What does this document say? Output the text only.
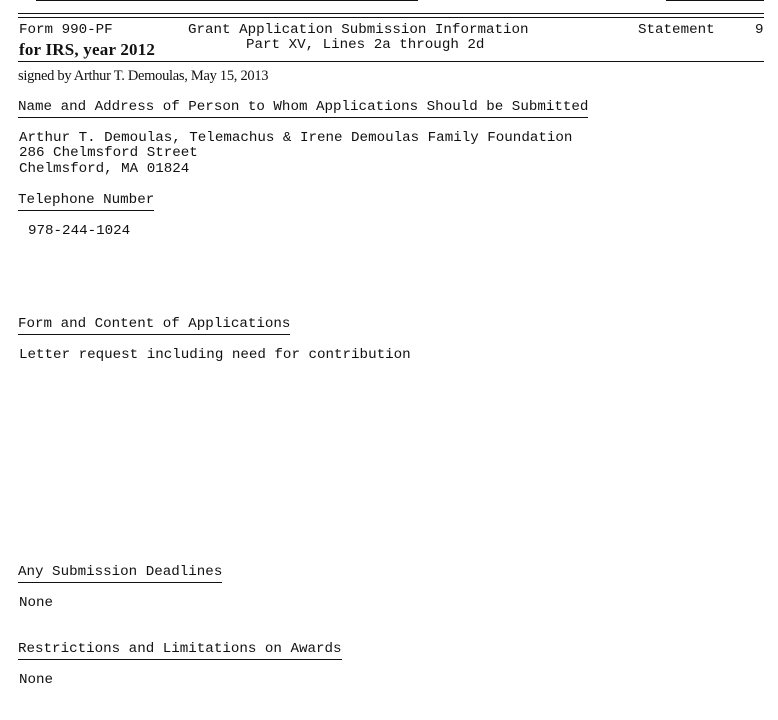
Form 990-PF
for IRS, year 2012
Grant Application Submission Information
Part XV, Lines 2a through 2d
Statement	9
signed by Arthur T. Demoulas, May 15, 2013
Name and Address of Person to Whom Applications Should be Submitted
Arthur T. Demoulas, Telemachus & Irene Demoulas Family Foundation
286 Chelmsford Street
Chelmsford, MA 01824
Telephone Number
978-244-1024
Form and Content of Applications
Letter request including need for contribution
Any Submission Deadlines
None
Restrictions and Limitations on Awards
None
